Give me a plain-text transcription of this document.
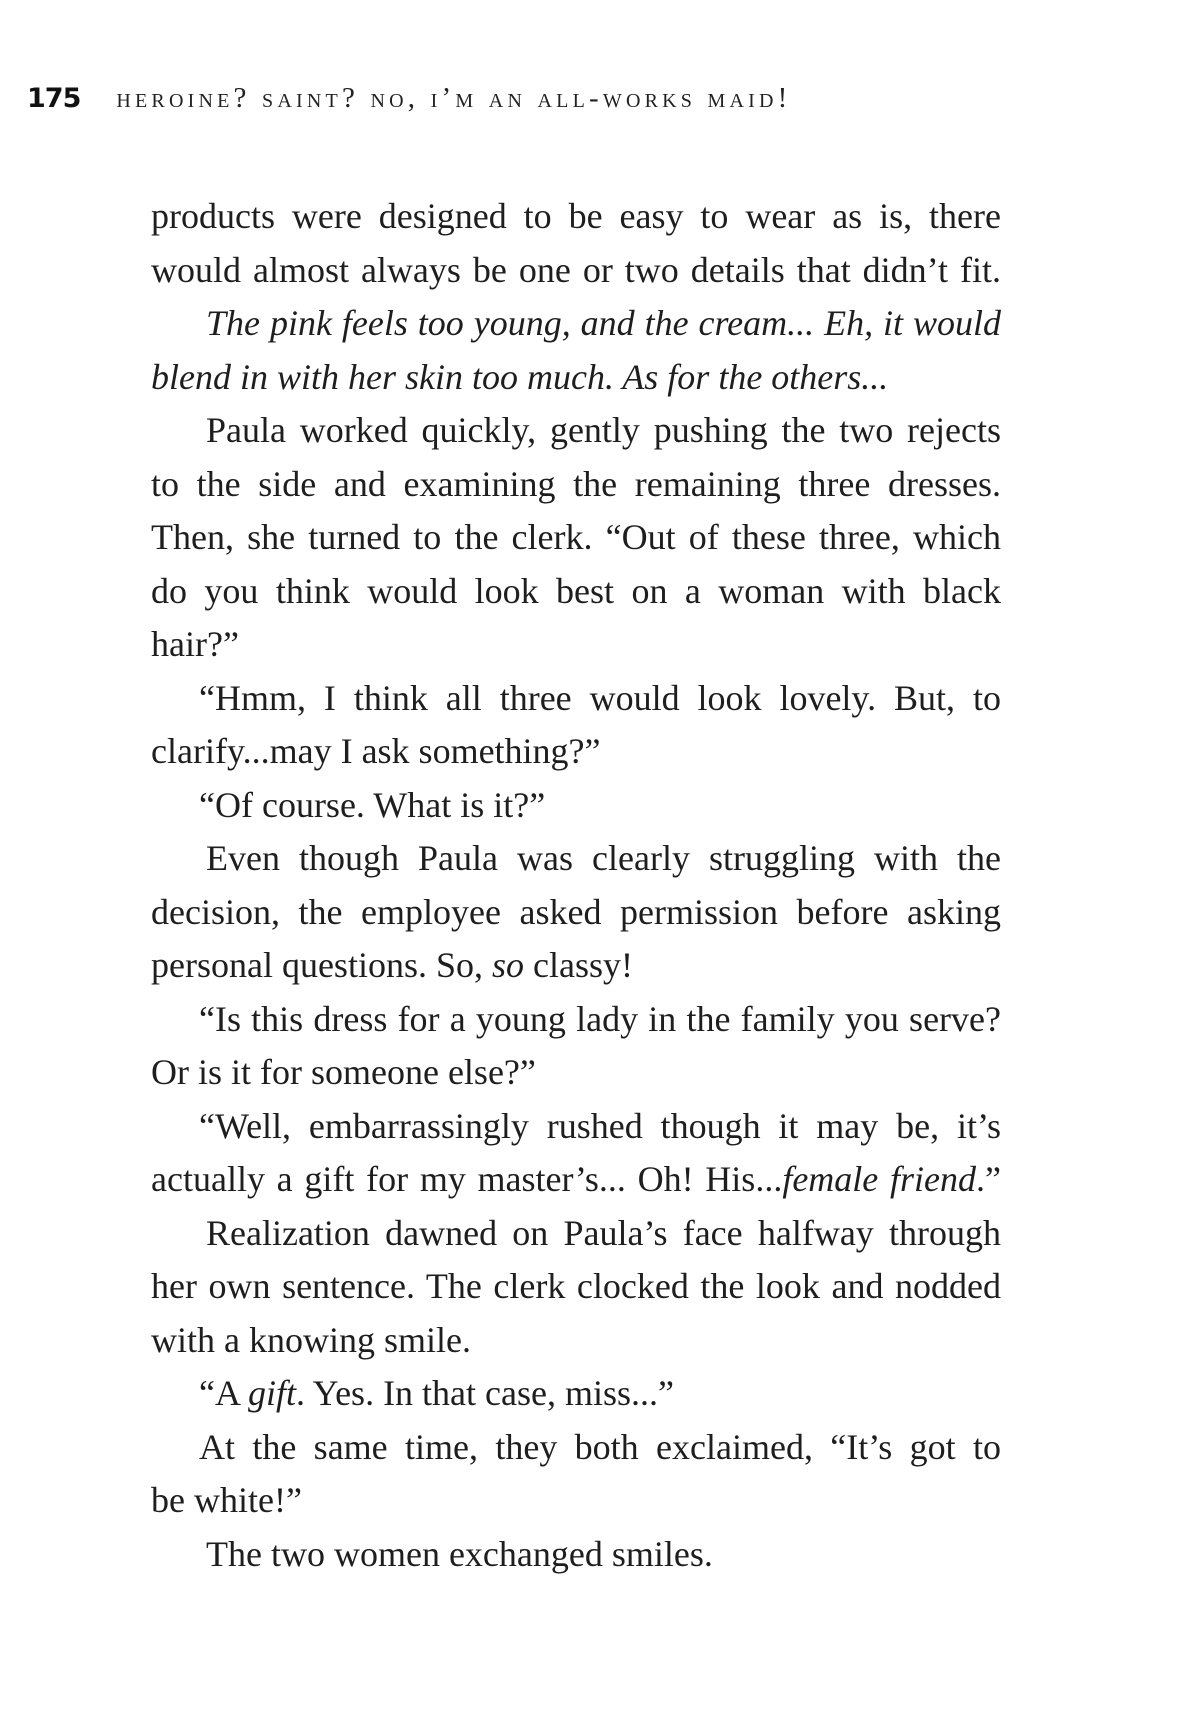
175 heroine? saint? no, i’m an all-works maid!
products were designed to be easy to wear as is, there
would almost always be one or two details that didn’t fit.
The pink feels too young, and the cream... Eh, it would
blend in with her skin too much. As for the others...
Paula worked quickly, gently pushing the two rejects
to the side and examining the remaining three dresses.
Then, she turned to the clerk. “Out of these three, which
do you think would look best on a woman with black
hair?”
“Hmm, I think all three would look lovely. But, to
clarify...may I ask something?”
“Of course. What is it?”
Even though Paula was clearly struggling with the
decision, the employee asked permission before asking
personal questions. So, so classy!
“Is this dress for a young lady in the family you serve?
Or is it for someone else?”
“Well, embarrassingly rushed though it may be, it’s
actually a gift for my master’s... Oh! His...female friend.”
Realization dawned on Paula’s face halfway through
her own sentence. The clerk clocked the look and nodded
with a knowing smile.
“A gift. Yes. In that case, miss...”
At the same time, they both exclaimed, “It’s got to
be white!”
The two women exchanged smiles.
